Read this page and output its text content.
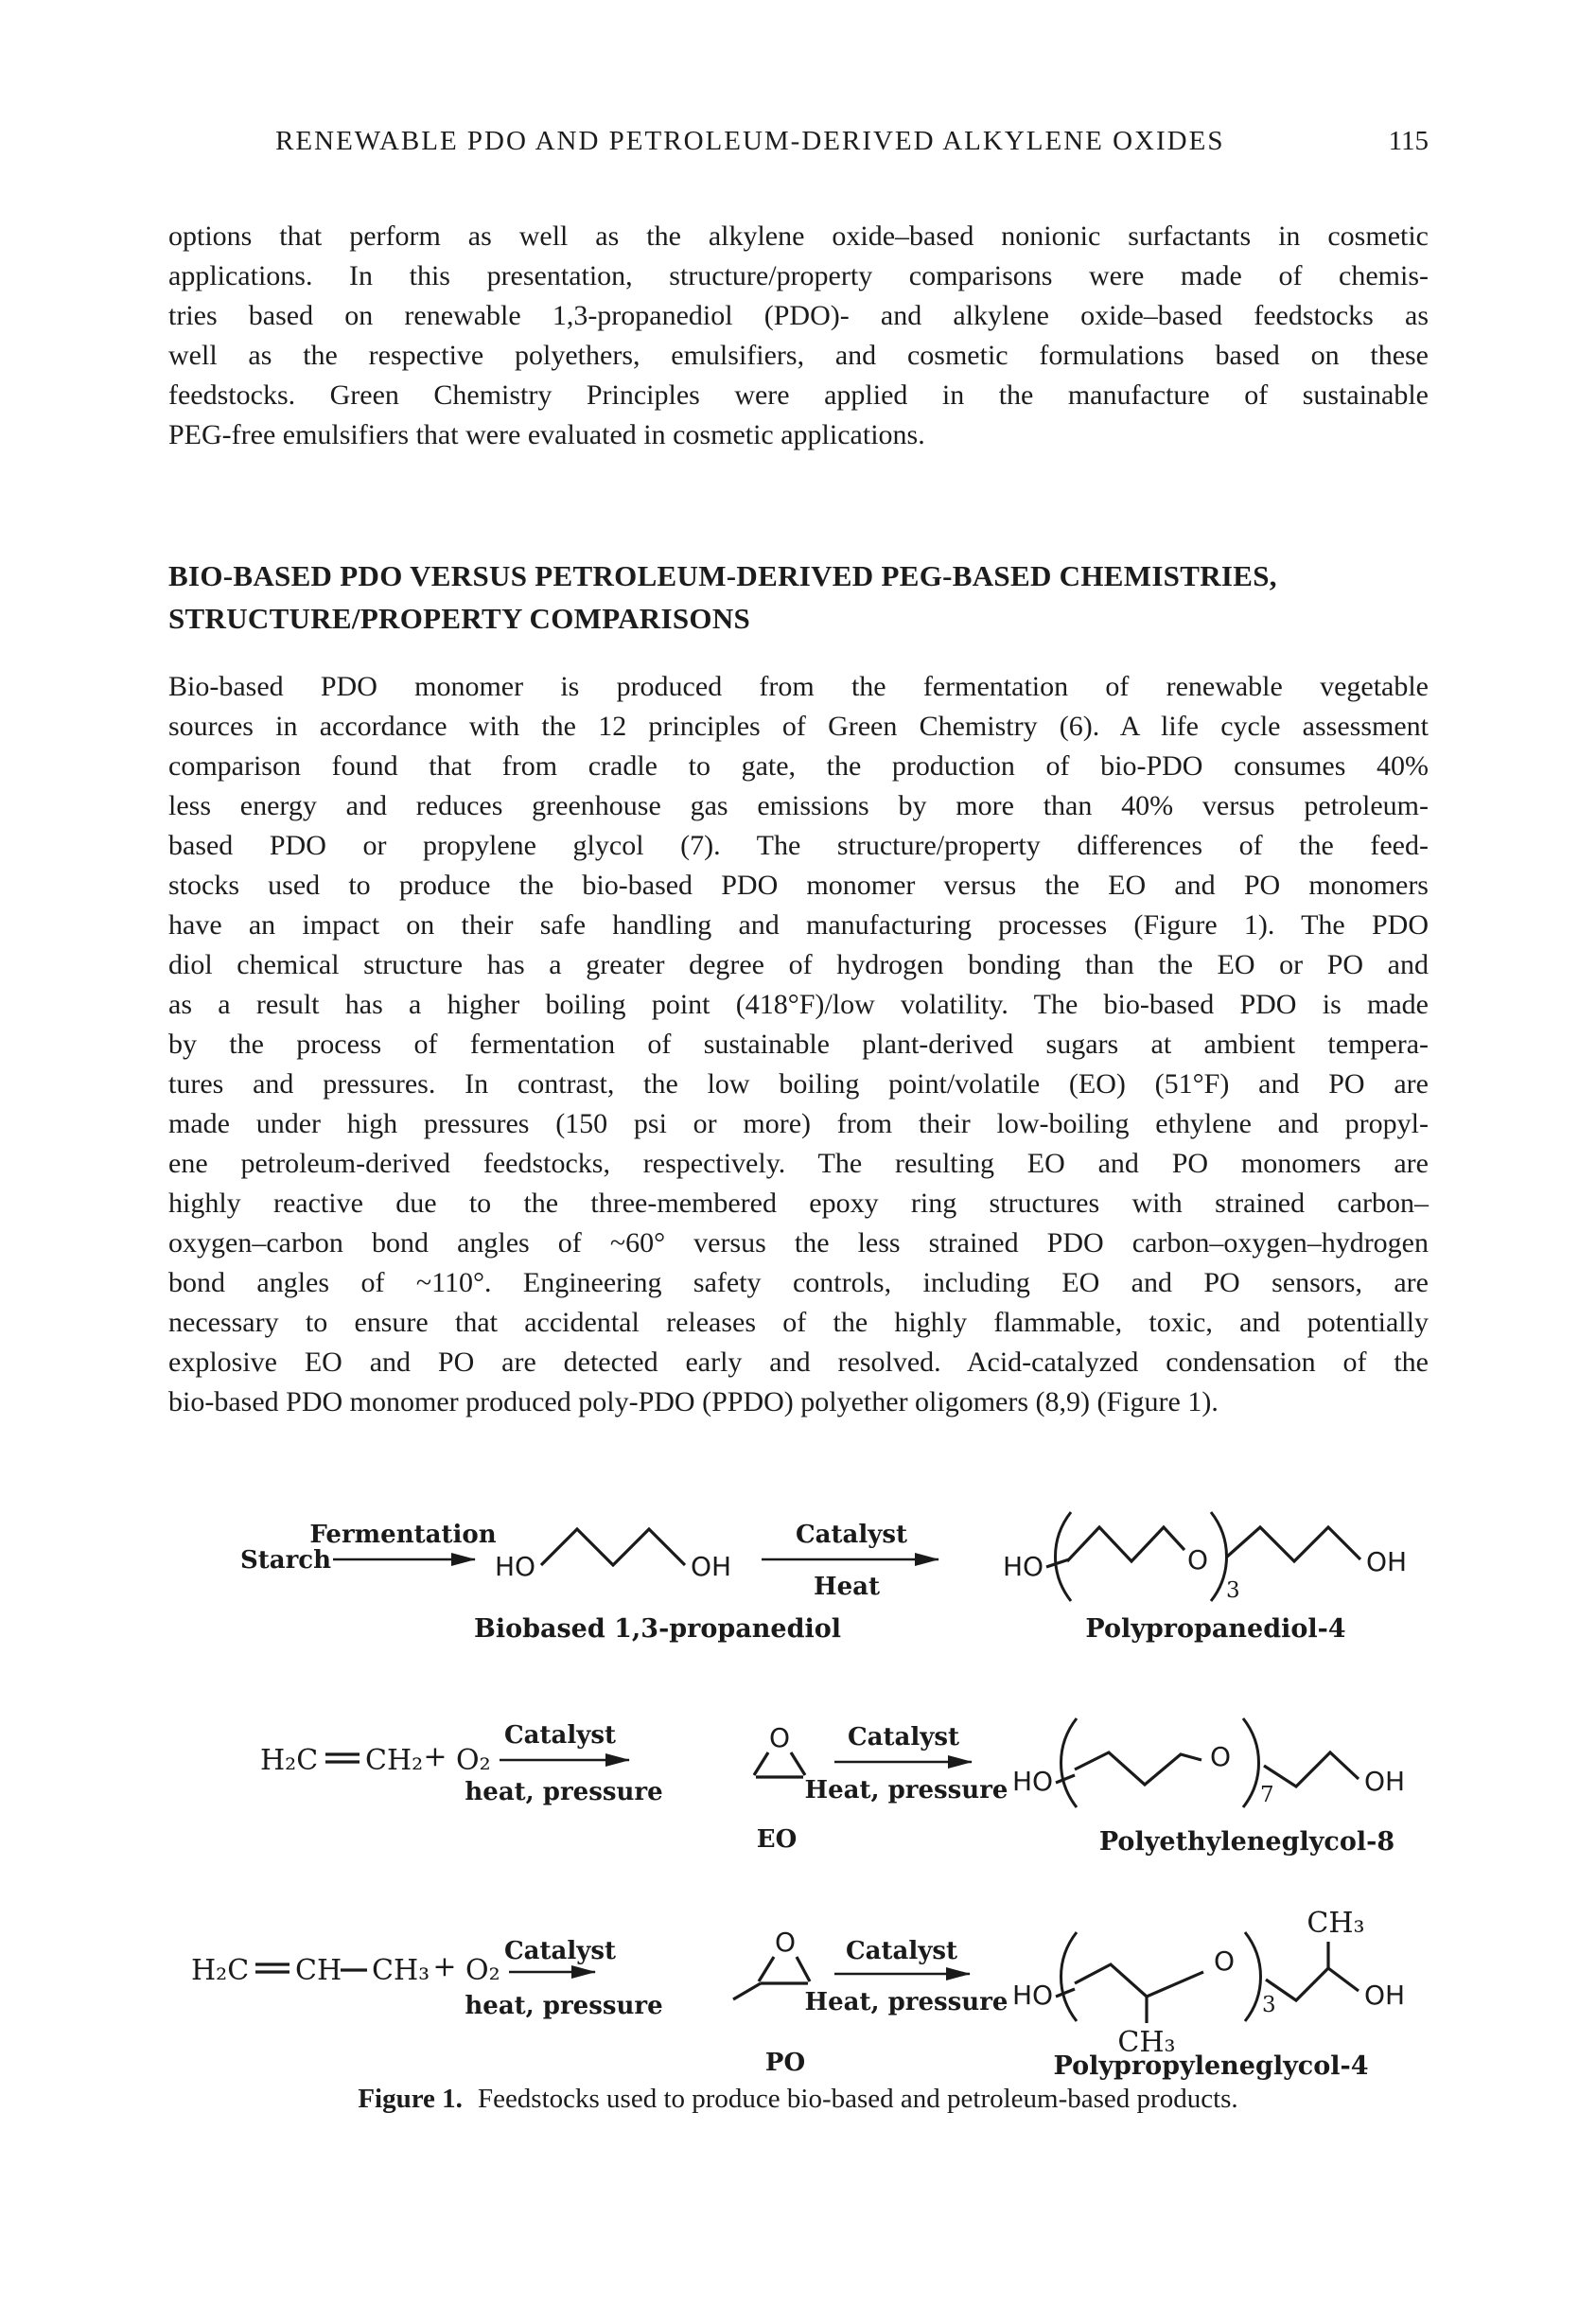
RENEWABLE PDO AND PETROLEUM-DERIVED ALKYLENE OXIDES	115
options that perform as well as the alkylene oxide–based nonionic surfactants in cosmetic
applications. In this presentation, structure/property comparisons were made of chemis-
tries based on renewable 1,3-propanediol (PDO)- and alkylene oxide–based feedstocks as
well as the respective polyethers, emulsifiers, and cosmetic formulations based on these
feedstocks. Green Chemistry Principles were applied in the manufacture of sustainable
PEG-free emulsifiers that were evaluated in cosmetic applications.
BIO-BASED PDO VERSUS PETROLEUM-DERIVED PEG-BASED CHEMISTRIES,
STRUCTURE/PROPERTY COMPARISONS
Bio-based PDO monomer is produced from the fermentation of renewable vegetable
sources in accordance with the 12 principles of Green Chemistry (6). A life cycle assessment
comparison found that from cradle to gate, the production of bio-PDO consumes 40%
less energy and reduces greenhouse gas emissions by more than 40% versus petroleum-
based PDO or propylene glycol (7). The structure/property differences of the feed-
stocks used to produce the bio-based PDO monomer versus the EO and PO monomers
have an impact on their safe handling and manufacturing processes (Figure 1). The PDO
diol chemical structure has a greater degree of hydrogen bonding than the EO or PO and
as a result has a higher boiling point (418°F)/low volatility. The bio-based PDO is made
by the process of fermentation of sustainable plant-derived sugars at ambient tempera-
tures and pressures. In contrast, the low boiling point/volatile (EO) (51°F) and PO are
made under high pressures (150 psi or more) from their low-boiling ethylene and propyl-
ene petroleum-derived feedstocks, respectively. The resulting EO and PO monomers are
highly reactive due to the three-membered epoxy ring structures with strained carbon–
oxygen–carbon bond angles of ~60° versus the less strained PDO carbon–oxygen–hydrogen
bond angles of ~110°. Engineering safety controls, including EO and PO sensors, are
necessary to ensure that accidental releases of the highly flammable, toxic, and potentially
explosive EO and PO are detected early and resolved. Acid-catalyzed condensation of the
bio-based PDO monomer produced poly-PDO (PPDO) polyether oligomers (8,9) (Figure 1).
Starch
Fermentation
HO	OH
Biobased 1,3-propanediol
Catalyst
Heat
HO	O
3
OH
Polypropanediol-4
H₂C CH₂ + O₂
Catalyst
heat, pressure
O
EO
Catalyst
Heat, pressure HO
O
7	OH
Polyethyleneglycol-8
H₂C CH CH₃ + O₂
Catalyst
heat, pressure
O
PO
Catalyst
Heat, pressure HO
CH₃
O
3
CH₃
OH
Polypropyleneglycol-4
Figure 1. Feedstocks used to produce bio-based and petroleum-based products.
